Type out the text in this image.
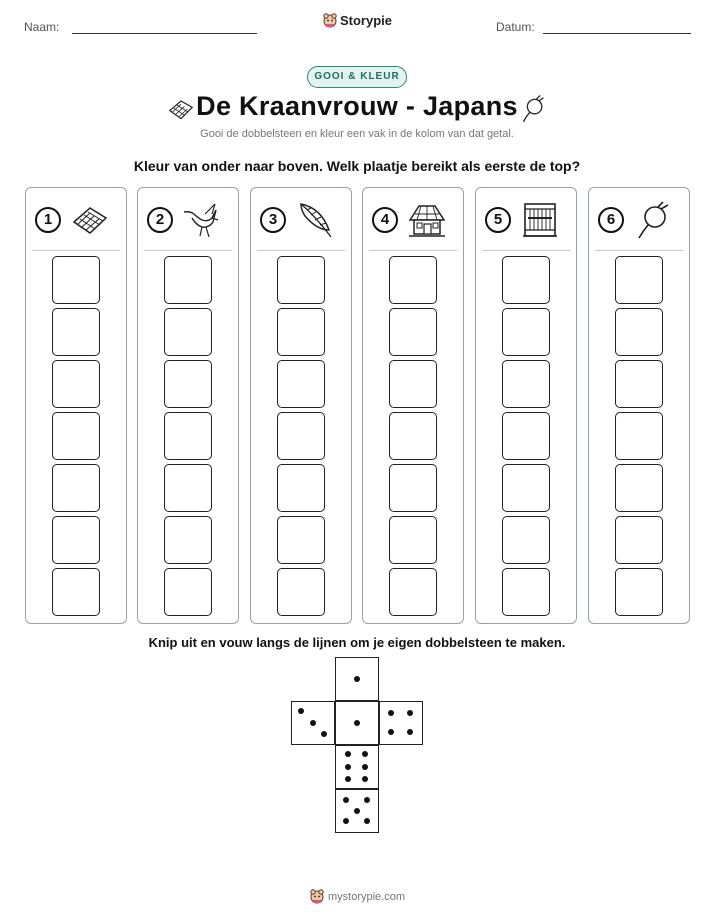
Naam:	Storypie	Datum:
GOOI & KLEUR
De Kraanvrouw - Japans
Gooi de dobbelsteen en kleur een vak in de kolom van dat getal.
Kleur van onder naar boven. Welk plaatje bereikt als eerste de top?
1	2	3	4	5	6
Knip uit en vouw langs de lijnen om je eigen dobbelsteen te maken.
mystorypie.com
